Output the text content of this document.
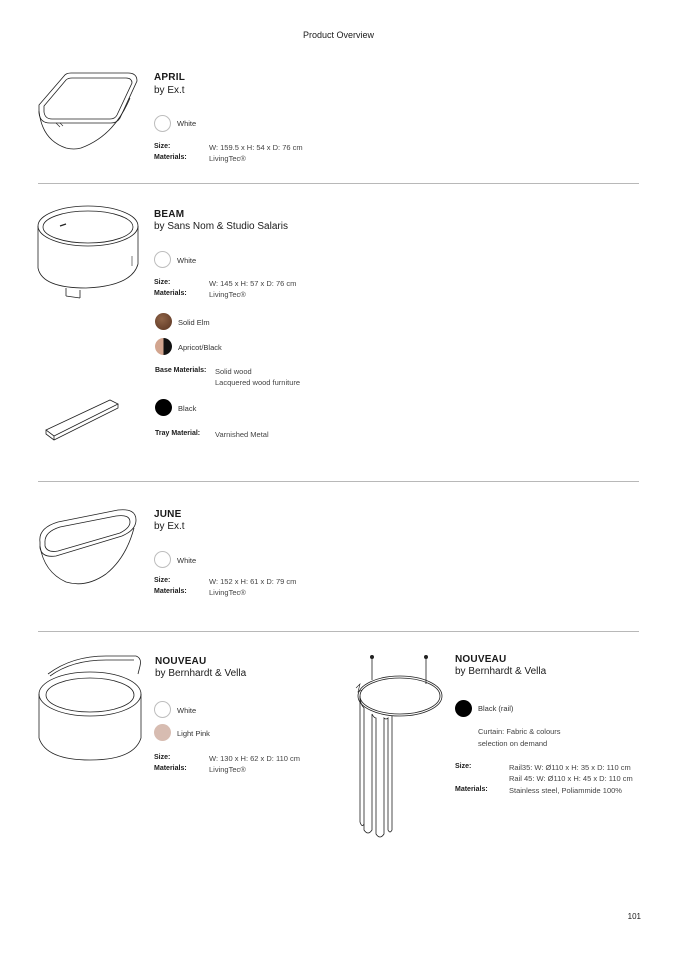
Product Overview
APRIL
by Ex.t
White
Size:	W: 159.5 x H: 54 x D: 76 cm
Materials:	LivingTec®
BEAM
by Sans Nom & Studio Salaris
White
Size:	W: 145 x H: 57 x D: 76 cm
Materials:	LivingTec®
Solid Elm
Apricot/Black
Base Materials: Solid wood
Lacquered wood furniture
Black
Tray Material: Varnished Metal
JUNE
by Ex.t
White
Size:	W: 152 x H: 61 x D: 79 cm
Materials:	LivingTec®
NOUVEAU
by Bernhardt & Vella
White
Light Pink
Size:	W: 130 x H: 62 x D: 110 cm
Materials:	LivingTec®
NOUVEAU
by Bernhardt & Vella
Black (rail)
Curtain: Fabric & colours
selection on demand
Size:	Rail35: W: Ø110 x H: 35 x D: 110 cm
Rail 45: W: Ø110 x H: 45 x D: 110 cm
Materials:	Stainless steel, Poliammide 100%
101
